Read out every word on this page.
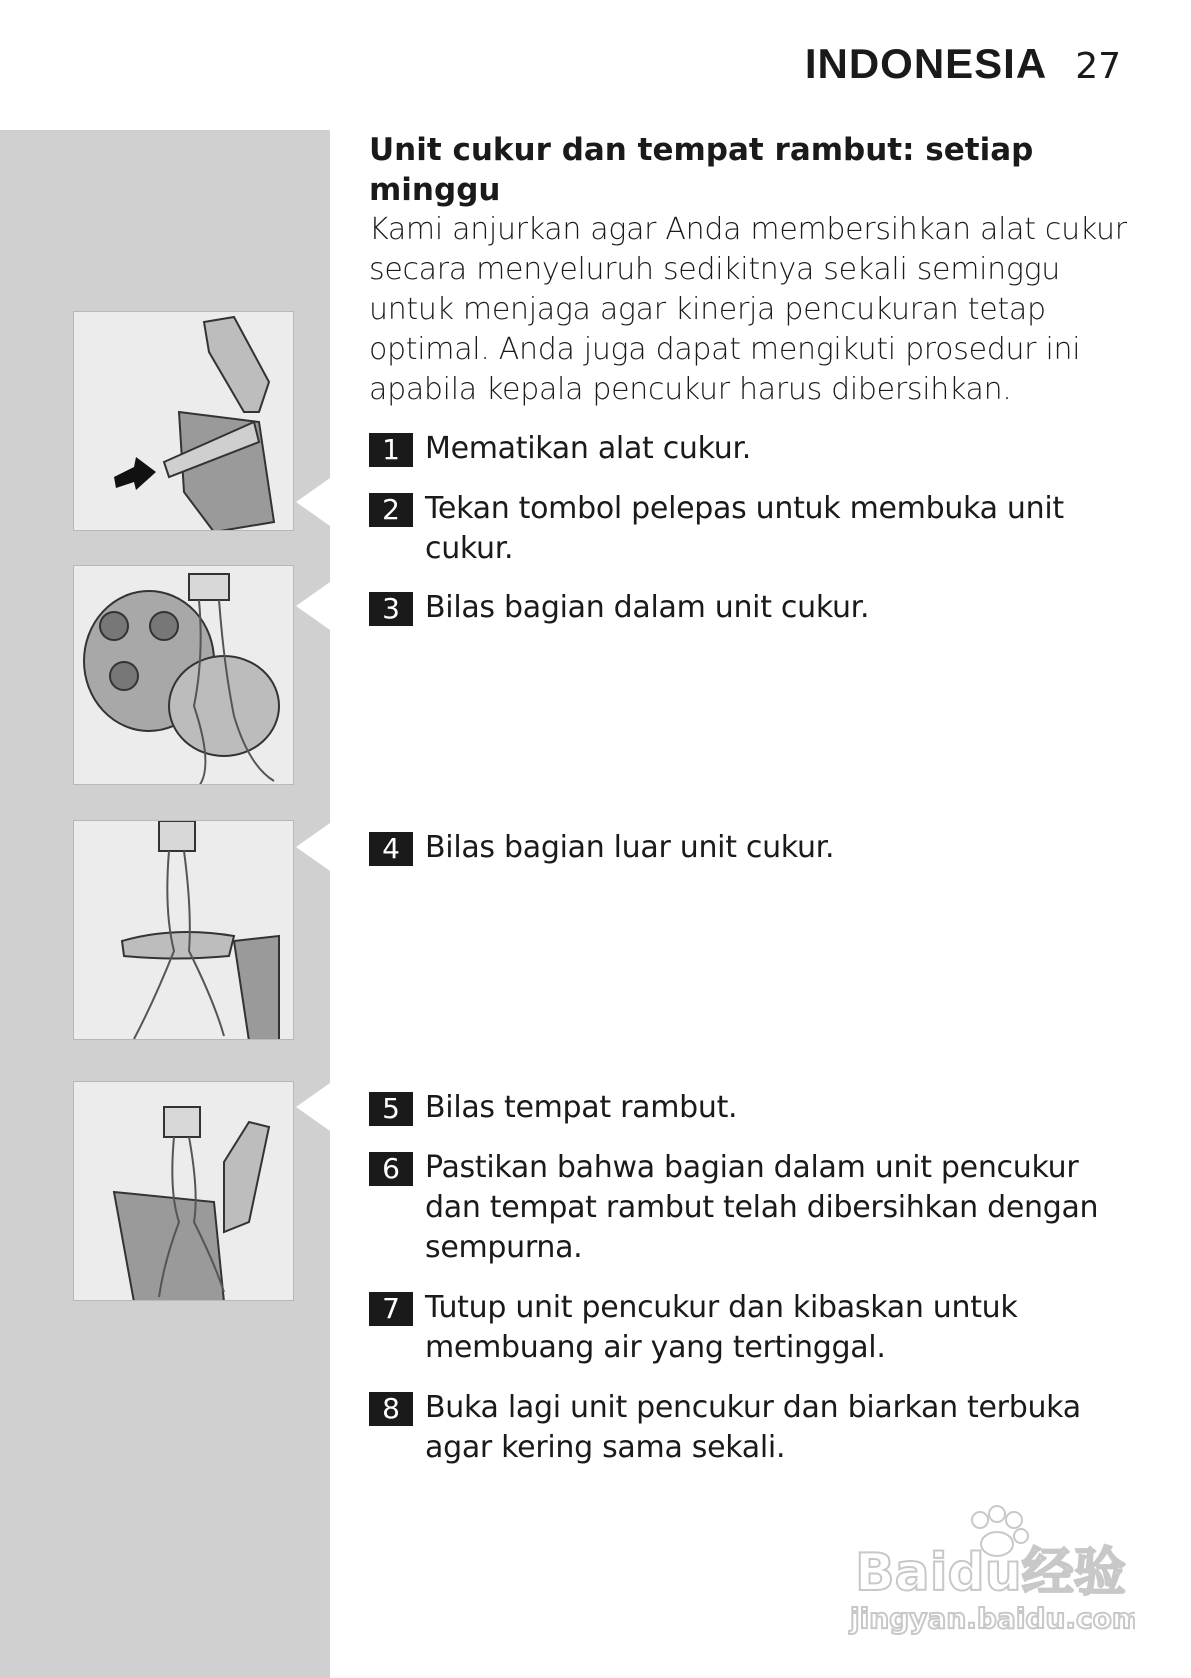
INDONESIA 27
Unit cukur dan tempat rambut: setiap minggu

Kami anjurkan agar Anda membersihkan alat cukur secara menyeluruh sedikitnya sekali seminggu untuk menjaga agar kinerja pencukuran tetap optimal. Anda juga dapat mengikuti prosedur ini apabila kepala pencukur harus dibersihkan.

1 Mematikan alat cukur.
2 Tekan tombol pelepas untuk membuka unit cukur.
3 Bilas bagian dalam unit cukur.
4 Bilas bagian luar unit cukur.
5 Bilas tempat rambut.
6 Pastikan bahwa bagian dalam unit pencukur dan tempat rambut telah dibersihkan dengan sempurna.
7 Tutup unit pencukur dan kibaskan untuk membuang air yang tertinggal.
8 Buka lagi unit pencukur dan biarkan terbuka agar kering sama sekali.
Baidu经验
jingyan.baidu.com
